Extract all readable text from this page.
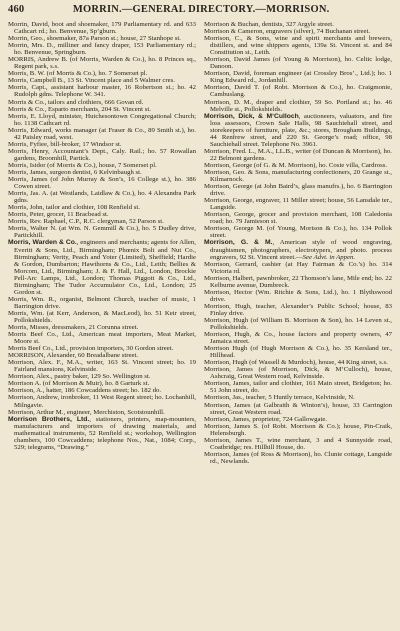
460	MORRIN.—GENERAL DIRECTORY.—MORRISON.

Morrin, David, boot and shoemaker, 179 Parliamentary rd. and 633 Cathcart rd.; ho. Benvenue, Sp’gburn.

Morrin, Geo., shoemaker, 87a Parson st.; house, 27 Stanhope st.

Morrin, Mrs. D., milliner and fancy draper, 153 Parliamentary rd.; ho. Benvenue, Springburn.

MORRIS, Andrew B. (of Morris, Warden & Co.), ho. 8 Princes sq., Regent park, s.s.

Morris, B. W. (of Morris & Co.), ho. 7 Somerset pl.

Morris, Campbell B., 13 St. Vincent place and 5 Walmer cres.

Morris, Capt., assistant harbour master, 16 Robertson st.; ho. 42 Rudolph gdns. Telephone W. 341.

Morris & Co., tailors and clothiers, 666 Govan rd.

Morris & Co., Esparto merchants, 204 St. Vincent st.

Morris, E. Lloyd, minister, Hutchesontown Congregational Church; ho. 1138 Cathcart rd.

Morris, Edward, works manager (at Fraser & Co., 89 Smith st.), ho. 42 Paisley road, west.

Morris, Fyfiee, bill-broker, 17 Windsor st.

Morris, Henry, Accountant’s Dept., Caly. Rail.; ho. 57 Rowallan gardens, Broomhill, Partick.

Morris, Isidor (of Morris & Co.), house, 7 Somerset pl.

Morris, James, surgeon dentist, 6 Kelvinbaugh st.

Morris, James (of John Murray & Son’s, 16 College st.), ho. 386 Cowen street.

Morris, Jas. A. (at Westlands, Laidlaw & Co.), ho. 4 Alexandra Park gdns.

Morris, John, tailor and clothier, 108 Renfield st.

Morris, Peter, grocer, 11 Bracbead st.

Morris, Rev. Raphael, C.P., R.C. clergyman, 52 Parson st.

Morris, Walter N. (at Wm. N. Gemmill & Co.), ho. 5 Dudley drive, Partickhill.

Morris, Warden & Co., engineers and merchants; agents for Allen, Everitt & Sons, Ltd., Birmingham; Phœnix Bolt and Nut Co., Birmingham; Verity, Peach and Yoter (Limited), Sheffield; Hardie & Gordon, Dumbarton; Hawthorns & Co., Ltd., Leith; Bellies & Morcom, Ltd., Birmingham; J. & F. Hall, Ltd., London, Brockie Pell-Arc Lamps, Ltd., London; Thomas Piggott & Co., Ltd., Birmingham; The Tudor Accumulator Co., Ltd., London; 25 Gordon st.

Morris, Wm. R., organist, Belmont Church, teacher of music, 1 Barrington drive.

Morris, Wm. (at Kerr, Anderson, & MacLeod), ho. 51 Keir street, Pollokshields.

Morris, Misses, dressmakers, 21 Corunna street.

Morris Beef Co., Ltd., American meat importers, Meat Market, Moore st.

Morris Beef Co., Ltd., provision importers, 30 Gordon street.

MORRISON, Alexander, 60 Breadalbane street.

Morrison, Alex. F., M.A., writer, 163 St. Vincent street; ho. 19 Fairland mansions, Kelvinside.

Morrison, Alex., pastry baker, 129 So. Wellington st.

Morrison A. (of Morrison & Muir), ho. 8 Garturk st.

Morrison, A., hatter, 186 Cowcaddens street; ho. 182 do.

Morrison, Andrew, ironbroker, 11 West Regent street; ho. Lochanhill, Milngavie.

Morrison, Arthur M., engineer, Merchiston, Scotstounhill.

Morrison Brothers, Ltd., stationers, printers, map-mounters, manufacturers and importers of drawing materials, and mathematical instruments, 52 Renfield st.; workshop, Wellington chambers, 100 Cowcaddens; telephone Nos., Nat., 1084; Corp., 529; telegrams, “Drawing.”

Morrison & Buchan, dentists, 327 Argyle street.

Morrison & Cameron, engravers (silver), 74 Buchanan street.

Morrison, C., & Sons, wine and spirit merchants and brewers, distillers, and wine shippers agents, 139a St. Vincent st. and 84 Constitution st., Leith.

Morrison, David James (of Young & Morrison), ho. Celtic lodge, Danoon.

Morrison, David, foreman engineer (at Crossley Bros’., Ltd.); ho. 1 King Edward rd., Jordanhill.

Morrison, David T. (of Robt. Morrison & Co.), ho. Craigmonie, Cambuslang.

Morrison, D. M., draper and clothier, 59 So. Portland st.; ho. 46 Melville st., Pollokshields.

Morrison, Dick, & M‘Culloch, auctioneers, valuators, and fire loss assessors, Crown Sale Halls, 98 Sauchiehall street, and storekeepers of furniture, plate, &c.; stores, Brougham Buildings, 44 Renfrew street, and 220 St. George’s road; office, 98 Sauchiehall street. Telephone No. 3961.

Morrison, Fred. L., M.A., LL.B., writer (of Duncan & Morrison), ho. 22 Belmont gardens.

Morrison, George (of G. & M. Morrison), ho. Cosie villa, Cardross.

Morrison, Geo. & Sons, manufacturing confectioners, 20 Grange st., Kilmarnock.

Morrison, George (at John Baird’s, glass manufrs.), ho. 6 Barrington drive.

Morrison, George, engraver, 11 Miller street; house, 56 Lansdale ter., Langside.

Morrison, George, grocer and provision merchant, 108 Caledonia road; ho. 79 Jamieson st.

Morrison, George M. (of Young, Morison & Co.), ho. 134 Pollok street.

Morrison, G. & M., American style of wood engraving, draughtsmen, photographers, electrotypers, and photo. process engravers, 92 St. Vincent street.—See Advt. in Appen.

Morrison, Gerrard, cashier (at Hay Fairman & Co.’s) ho. 314 Victoria rd.

Morrison, Halbert, pawnbroker, 22 Thomson’s lane, Mile end; ho. 22 Kelburne avenue, Dumbreck.

Morrison, Hector (Wm. Ritchie & Sons, Ltd.), ho. 1 Blythswood drive.

Morrison, Hugh, teacher, Alexander’s Public School; house, 83 Finlay drive.

Morrison, Hugh (of William B. Morrison & Son), ho. 14 Leven st., Pollokshields.

Morrison, Hugh, & Co., house factors and property owners, 47 Jamaica street.

Morrison Hugh (of Hugh Morrison & Co.), ho. 35 Kersland ter., Hillhead.

Morrison, Hugh (of Wassell & Murdoch), house, 44 King street, s.s.

Morrison, James (of Morrison, Dick, & M‘Culloch), house, Ashcraig, Great Western road, Kelvinside.

Morrison, James, tailor and clothier, 161 Main street, Bridgeton; ho. 51 John street, do.

Morrison, Jas., teacher, 5 Huntly terrace, Kelvinside, N.

Morrison, James (at Galbraith & Winton’s), house, 33 Carrington street, Great Western road.

Morrison, James, proprietor, 724 Gallowgate.

Morrison, James S. (of Robt. Morrison & Co.); house, Pin-Craik, Helensburgh.

Morrison, James T., wine merchant, 3 and 4 Sunnyside road, Coatbridge; res. Hillhill House, do.

Morrison, James (of Ross & Morrison), ho. Clunie cottage, Langside rd., Newlands.
